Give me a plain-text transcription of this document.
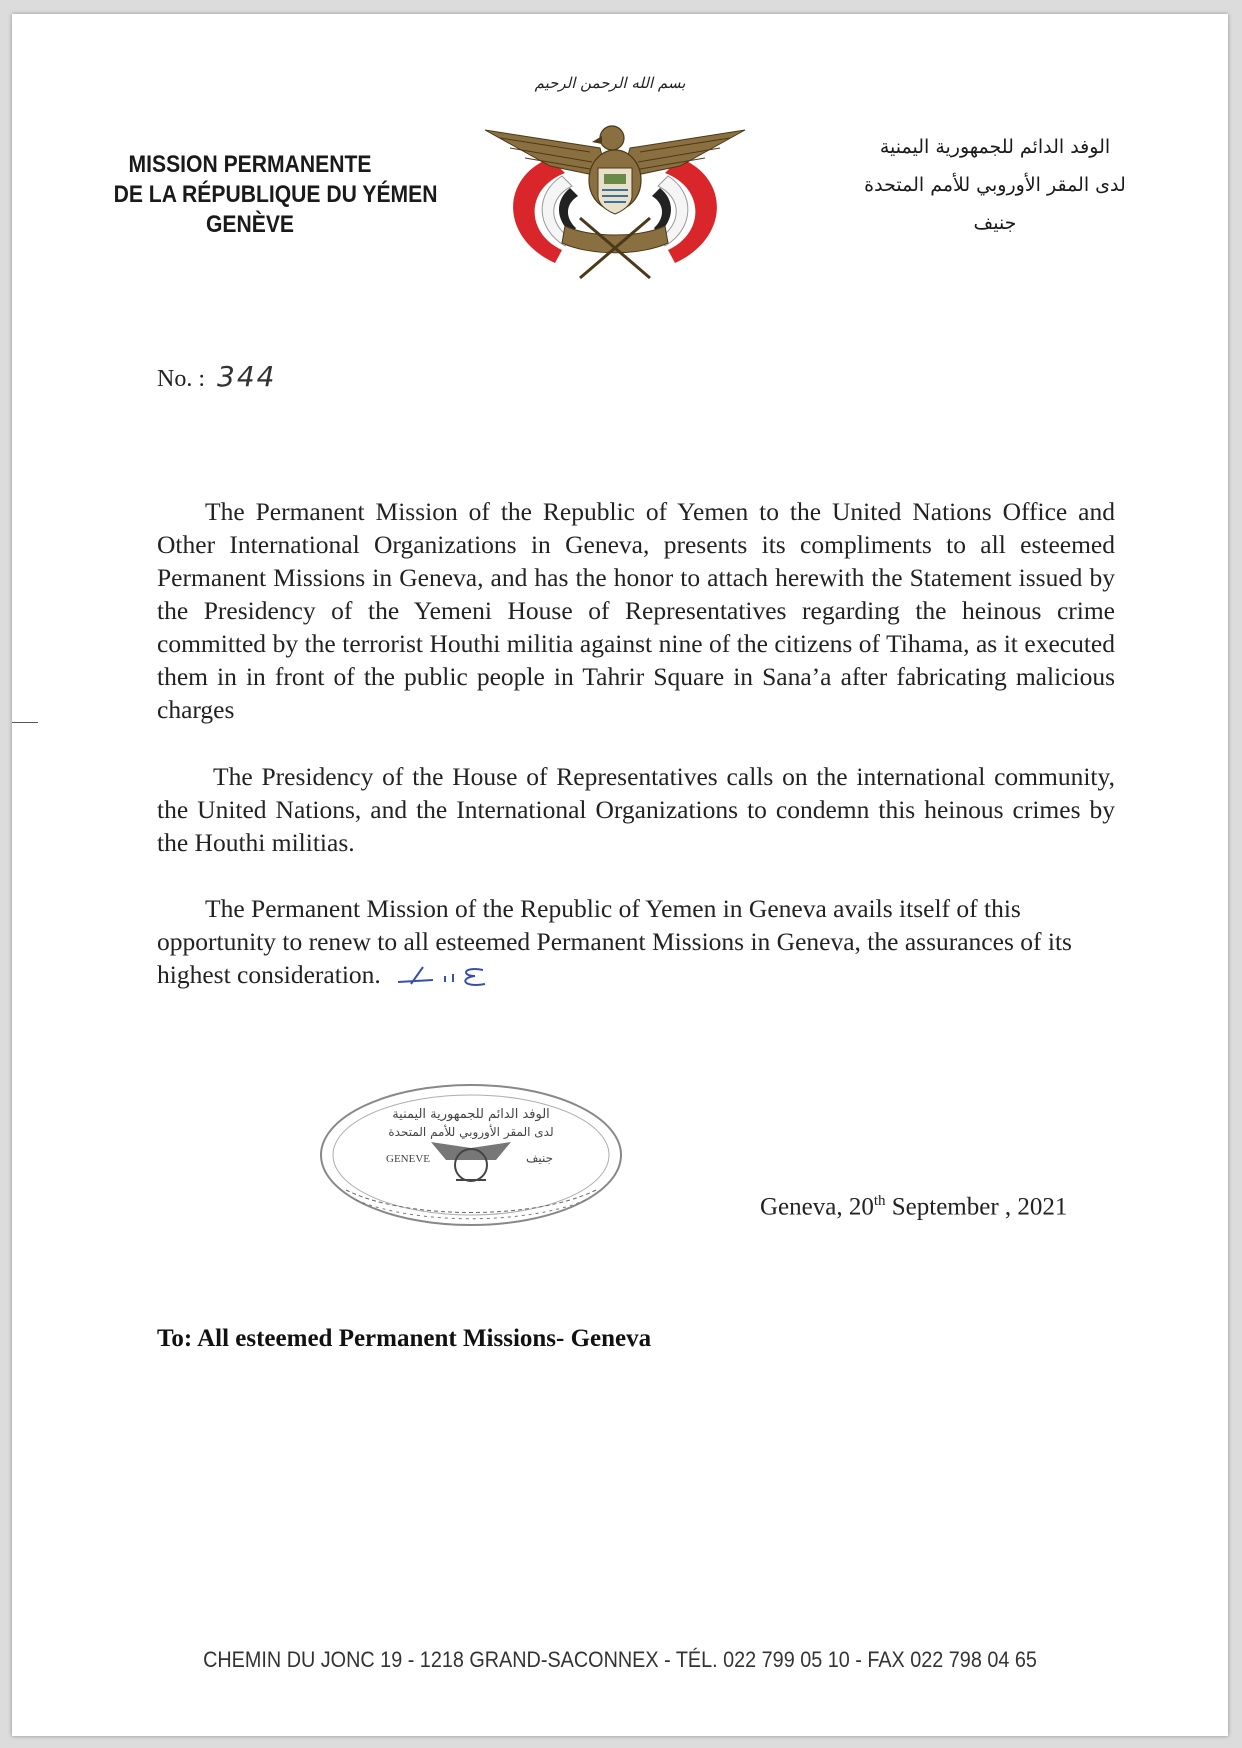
MISSION PERMANENTE
DE LA RÉPUBLIQUE DU YÉMEN
GENÈVE
بسم الله الرحمن الرحيم
الوفد الدائم للجمهورية اليمنية
لدى المقر الأوروبي للأمم المتحدة
جنيف
No. : 344
The Permanent Mission of the Republic of Yemen to the United Nations Office and Other International Organizations in Geneva, presents its compliments to all esteemed Permanent Missions in Geneva, and has the honor to attach herewith the Statement issued by the Presidency of the Yemeni House of Representatives regarding the heinous crime committed by the terrorist Houthi militia against nine of the citizens of Tihama, as it executed them in in front of the public people in Tahrir Square in Sana’a after fabricating malicious charges
The Presidency of the House of Representatives calls on the international community, the United Nations, and the International Organizations to condemn this heinous crimes by the Houthi militias.
The Permanent Mission of the Republic of Yemen in Geneva avails itself of this opportunity to renew to all esteemed Permanent Missions in Geneva, the assurances of its highest consideration.
الوفد الدائم للجمهورية اليمنية
لدى المقر الأوروبي للأمم المتحدة
GENEVE	جنيف
Geneva, 20th September , 2021
To: All esteemed Permanent Missions- Geneva
CHEMIN DU JONC 19 - 1218 GRAND-SACONNEX - TÉL. 022 799 05 10 - FAX 022 798 04 65
